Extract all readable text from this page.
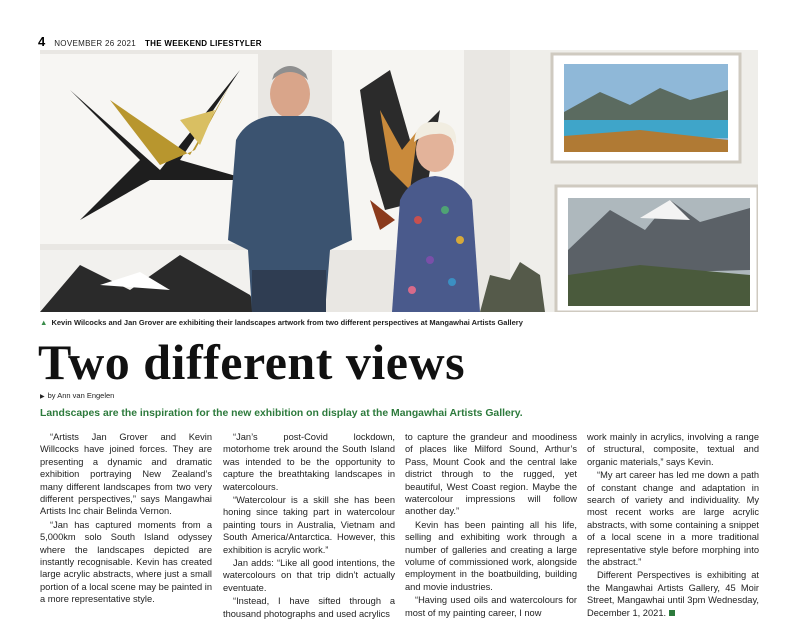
4 NOVEMBER 26 2021 THE WEEKEND LIFESTYLER
▲ Kevin Wilcocks and Jan Grover are exhibiting their landscapes artwork from two different perspectives at Mangawhai Artists Gallery
Two different views
▶ by Ann van Engelen
Landscapes are the inspiration for the new exhibition on display at the Mangawhai Artists Gallery.

“Artists Jan Grover and Kevin Willcocks have joined forces. They are presenting a dynamic and dramatic exhibition portraying New Zealand’s many different landscapes from two very different perspectives,” says Mangawhai Artists Inc chair Belinda Vernon.

“Jan has captured moments from a 5,000km solo South Island odyssey where the landscapes depicted are instantly recognisable. Kevin has created large acrylic abstracts, where just a small portion of a local scene may be painted in a more representative style.

“Jan’s post-Covid lockdown, motorhome trek around the South Island was intended to be the opportunity to capture the breathtaking landscapes in watercolours.

“Watercolour is a skill she has been honing since taking part in watercolour painting tours in Australia, Vietnam and South America/Antarctica. However, this exhibition is acrylic work.”

Jan adds: “Like all good intentions, the watercolours on that trip didn’t actually eventuate.

“Instead, I have sifted through a thousand photographs and used acrylics

to capture the grandeur and moodiness of places like Milford Sound, Arthur’s Pass, Mount Cook and the central lake district through to the rugged, yet beautiful, West Coast region. Maybe the watercolour impressions will follow another day.”

Kevin has been painting all his life, selling and exhibiting work through a number of galleries and creating a large volume of commissioned work, alongside employment in the boatbuilding, building and movie industries.

“Having used oils and watercolours for most of my painting career, I now

work mainly in acrylics, involving a range of structural, composite, textual and organic materials,” says Kevin.

“My art career has led me down a path of constant change and adaptation in search of variety and individuality. My most recent works are large acrylic abstracts, with some containing a snippet of a local scene in a more traditional representative style before morphing into the abstract.”

Different Perspectives is exhibiting at the Mangawhai Artists Gallery, 45 Moir Street, Mangawhai until 3pm Wednesday, December 1, 2021.
